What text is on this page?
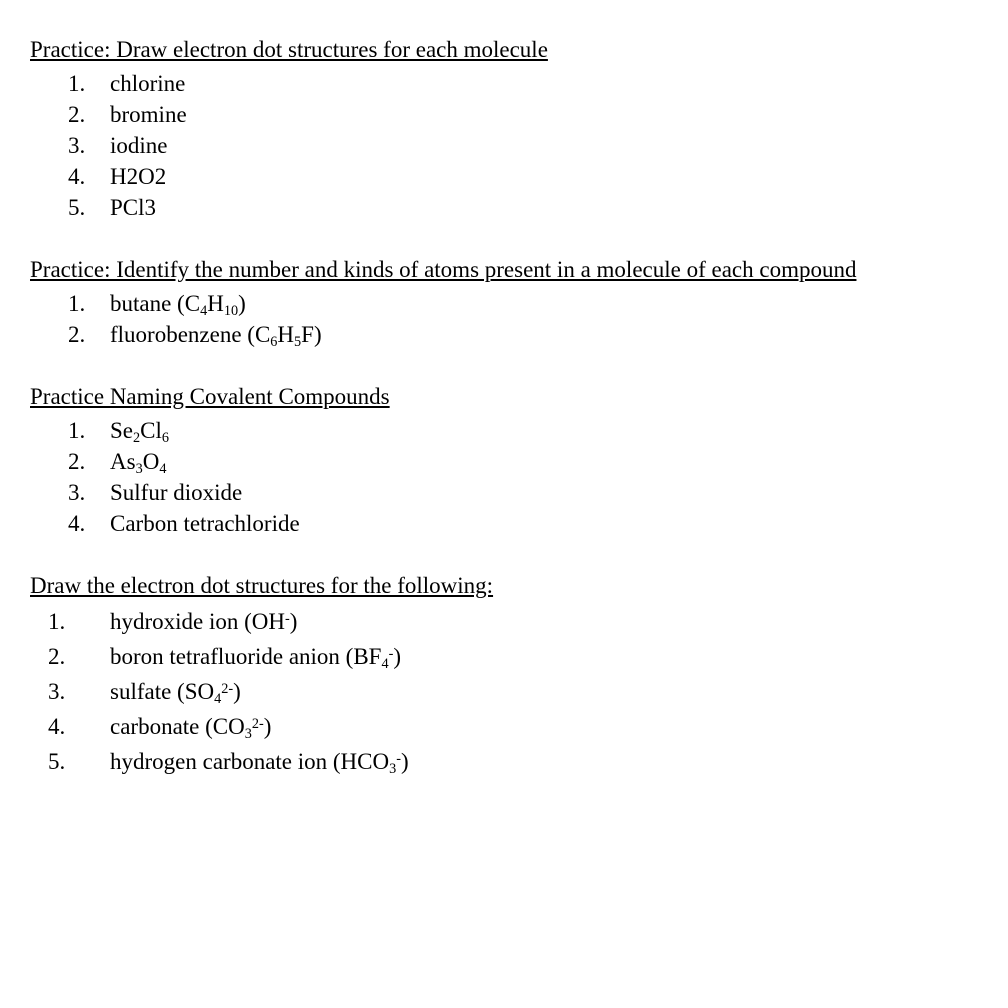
Practice: Draw electron dot structures for each molecule
1.	chlorine
2.	bromine
3.	iodine
4.	H2O2
5.	PCl3
Practice: Identify the number and kinds of atoms present in a molecule of each compound
1.	butane $(C_4H_{10})$
2.	fluorobenzene $(C_6H_5F)$
Practice Naming Covalent Compounds
1.	$Se_2Cl_6$
2.	$As_3O_4$
3.	Sulfur dioxide
4.	Carbon tetrachloride
Draw the electron dot structures for the following:
1.	hydroxide ion (OH-)
2.	boron tetrafluoride anion $(BF_4^-)$
3.	sulfate $(SO_4^{2-})$
4.	carbonate $(CO_3^{2-})$
5.	hydrogen carbonate ion $(HCO_3^-)$
